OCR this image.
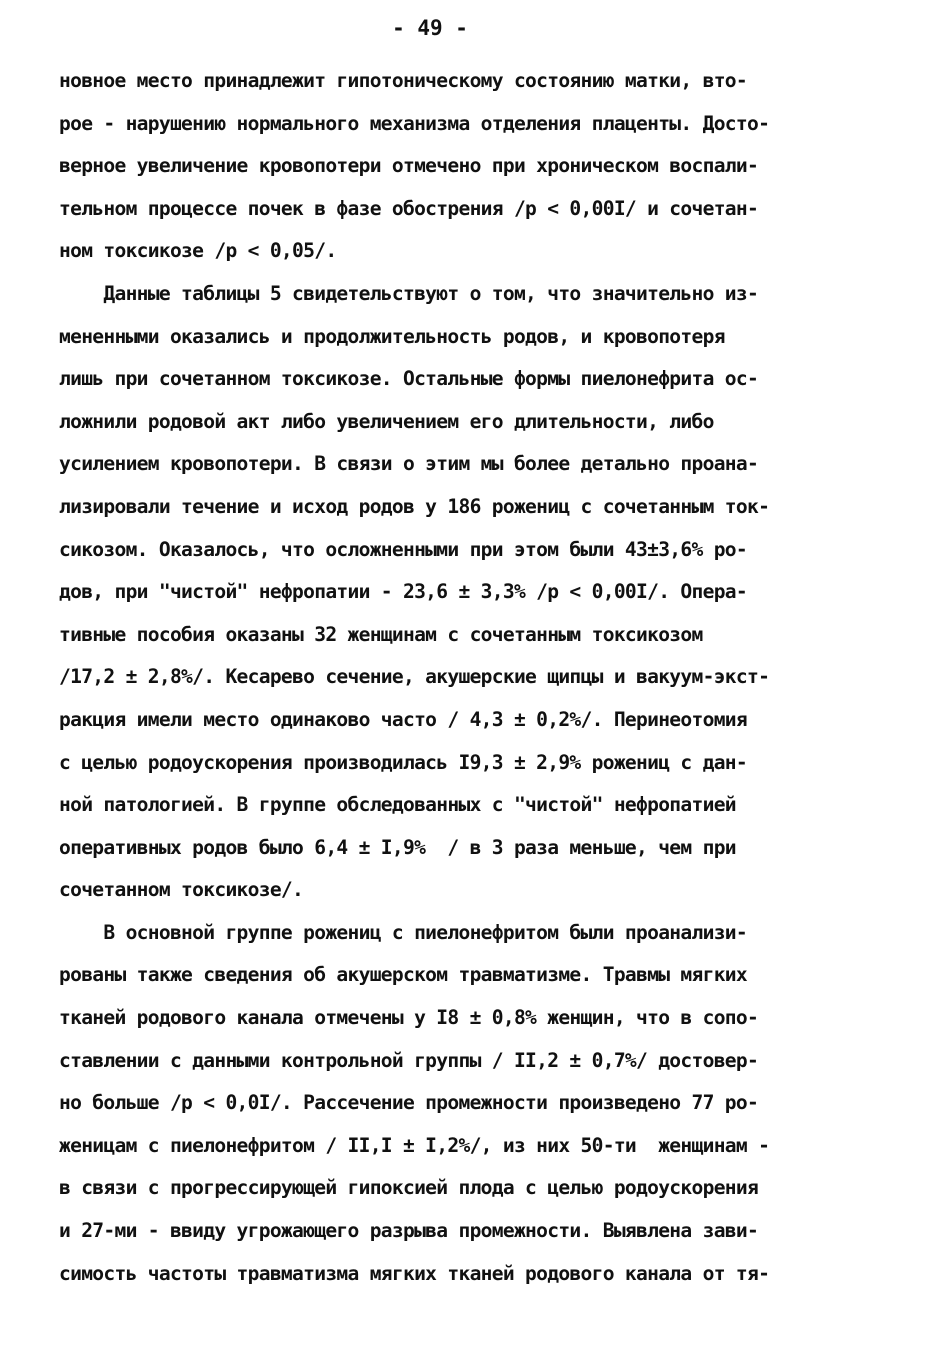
- 49 -
новное место принадлежит гипотоническому состоянию матки, вто-
рое - нарушению нормального механизма отделения плаценты. Досто-
верное увеличение кровопотери отмечено при хроническом воспали-
тельном процессе почек в фазе обострения /р < 0,00I/ и сочетан-
ном токсикозе /р < 0,05/.
Данные таблицы 5 свидетельствуют о том, что значительно из-
мененными оказались и продолжительность родов, и кровопотеря
лишь при сочетанном токсикозе. Остальные формы пиелонефрита ос-
ложнили родовой акт либо увеличением его длительности, либо
усилением кровопотери. В связи о этим мы более детально проана-
лизировали течение и исход родов у 186 рожениц с сочетанным ток-
сикозом. Оказалось, что осложненными при этом были 43±3,6% ро-
дов, при "чистой" нефропатии - 23,6 ± 3,3% /р < 0,00I/. Опера-
тивные пособия оказаны 32 женщинам с сочетанным токсикозом
/17,2 ± 2,8%/. Кесарево сечение, акушерские щипцы и вакуум-экст-
ракция имели место одинаково часто / 4,3 ± 0,2%/. Перинеотомия
с целью родоускорения производилась I9,3 ± 2,9% рожениц с дан-
ной патологией. В группе обследованных с "чистой" нефропатией
оперативных родов было 6,4 ± I,9%  / в 3 раза меньше, чем при
сочетанном токсикозе/.
В основной группе рожениц с пиелонефритом были проанализи-
рованы также сведения об акушерском травматизме. Травмы мягких
тканей родового канала отмечены у I8 ± 0,8% женщин, что в сопо-
ставлении с данными контрольной группы / II,2 ± 0,7%/ достовер-
но больше /р < 0,0I/. Рассечение промежности произведено 77 ро-
женицам с пиелонефритом / II,I ± I,2%/, из них 50-ти  женщинам -
в связи с прогрессирующей гипоксией плода с целью родоускорения
и 27-ми - ввиду угрожающего разрыва промежности. Выявлена зави-
симость частоты травматизма мягких тканей родового канала от тя-
